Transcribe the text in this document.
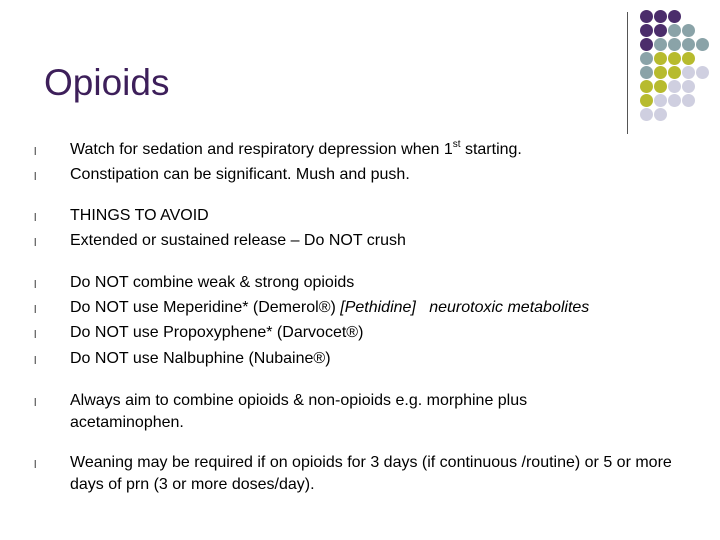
Opioids
l Watch for sedation and respiratory depression when 1st starting.
l Constipation can be significant. Mush and push.
l THINGS TO AVOID
l Extended or sustained release – Do NOT crush
l Do NOT combine weak & strong opioids
l Do NOT use Meperidine* (Demerol®) [Pethidine] neurotoxic metabolites
l Do NOT use Propoxyphene* (Darvocet®)
l Do NOT use Nalbuphine (Nubaine®)
l Always aim to combine opioids & non-opioids e.g. morphine plus acetaminophen.
l Weaning may be required if on opioids for 3 days (if continuous /routine) or 5 or more days of prn (3 or more doses/day).
